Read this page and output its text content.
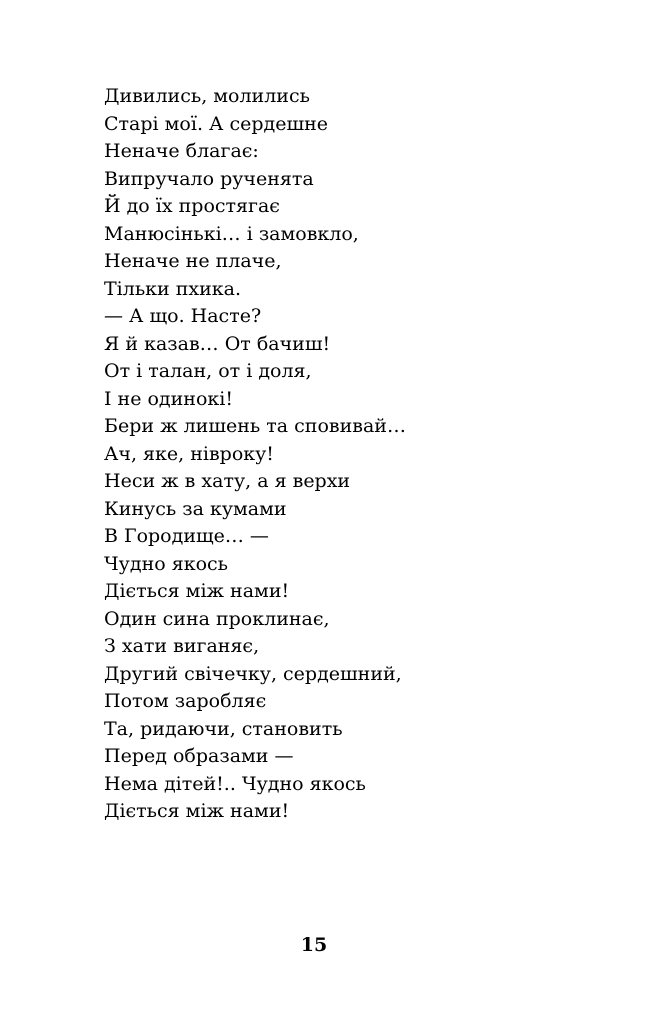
Дивились, молились
Старі мої. А сердешне
Неначе благає:
Випручало рученята
Й до їх простягає
Манюсінькі… і замовкло,
Неначе не плаче,
Тільки пхика.
— А що. Насте?
Я й казав… От бачиш!
От і талан, от і доля,
І не одинокі!
Бери ж лишень та сповивай…
Ач, яке, нівроку!
Неси ж в хату, а я верхи
Кинусь за кумами
В Городище… —
Чудно якось
Діється між нами!
Один сина проклинає,
З хати виганяє,
Другий свічечку, сердешний,
Потом заробляє
Та, ридаючи, становить
Перед образами —
Нема дітей!.. Чудно якось
Діється між нами!
15
